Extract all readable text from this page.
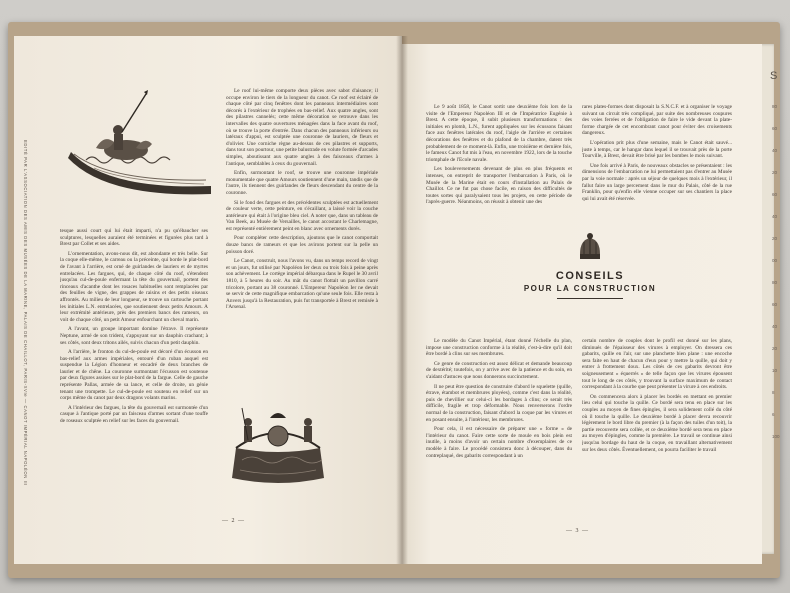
EDITÉ PAR L'ASSOCIATION DES AMIS DES MUSÉES DE LA MARINE, PALAIS DE CHAILLOT, PARIS-XVIe — CANOT IMPÉRIAL NAPOLÉON III	tesque aussi court qui lui était imparti, n'a pu qu'ébaucher ses sculptures, lesquelles auraient été terminées et figurées plus tard à Brest par Collet et ses aides.

L'ornementation, avons-nous dit, est abondante et très belle. Sur la coque elle-même, le carreau ou la préceinte, qui borde le plat-bord de l'avant à l'arrière, est orné de guirlandes de lauriers et de myrtes entrelacées. Les fargues, qui, de chaque côté du roof, s'étendent jusqu'au cul-de-poule enfermant la tête du gouvernail, portent des rinceaux d'acanthe dont les rosaces habituelles sont remplacées par des feuilles de vigne, des grappes de raisins et des petits oiseaux affrontés. Au milieu de leur longueur, se trouve un cartouche portant les initiales L.N. entrelacées, que soutiennent deux petits Amours. A leur extrémité antérieure, près des premiers bancs des rameurs, on voit de chaque côté, un petit Amour enfourchant un cheval marin.

A l'avant, un groupe important domine l'étrave. Il représente Neptune, armé de son trident, s'appuyant sur un dauphin crachant; à ses côtés, sont deux tritons ailés, suivis chacun d'un petit dauphin.

A l'arrière, le fronton du cul-de-poule est décoré d'un écusson en bas-relief aux armes impériales, entouré d'un ruban auquel est suspendue la Légion d'honneur et encadré de deux branches de laurier et de chêne. La couronne surmontant l'écusson est soutenue par deux figures assises sur le plat-bord de la fargue. Celle de gauche représente Pallas, armée de sa lance, et celle de droite, un génie tenant une trompette. Le cul-de-poule est soutenu en relief sur un corps même du canot par deux dragons volants marins.

A l'intérieur des fargues, la tête du gouvernail est surmontée d'un casque à l'antique porté par un faisceau d'armes sortant d'une touffe de roseaux sculptée en relief sur les faces du gouvernail.

Le roof lui-même comporte deux pièces avec sabot d'aisance; il occupe environ le tiers de la longueur du canot. Ce roof est éclairé de chaque côté par cinq fenêtres dont les panneaux intermédiaires sont décorés à l'extérieur de trophées en bas-relief. Aux quatre angles, sont des pilastres cannelés; cette même décoration se retrouve dans les intervalles des quatre ouvertures ménagées dans la face avant du roof, où se trouve la porte d'entrée. Dans chacun des panneaux inférieurs ou latéraux d'appui, est sculptée une couronne de lauriers, de fleurs et d'olivier. Une corniche règne au-dessus de ces pilastres et supports, dans tout son pourtour, une petite balustrade en volute formée d'arcades simples, aboutissant aux quatre angles à des faisceaux d'armes à l'antique, semblables à ceux du gouvernail.

Enfin, surmontant le roof, se trouve une couronne impériale monumentale que quatre Amours soutiennent d'une main, tandis que de l'autre, ils tiennent des guirlandes de fleurs descendant du centre de la couronne.

Si le fond des fargues et des précédentes sculptées est actuellement de couleur verte, cette peinture, en s'écaillant, a laissé voir la couche antérieure qui était à l'origine bleu ciel. A noter que, dans un tableau de Van Beek, au Musée de Versailles, le canot accostant le Charlemagne, est représenté entièrement peint en blanc avec ornements dorés.

Pour compléter cette description, ajoutons que le canot comportait douze bancs de rameurs et que les avirons portent sur la pelle un poisson doré.

Le Canot, construit, nous l'avons vu, dans un temps record de vingt et un jours, fut utilisé par Napoléon Ier deux ou trois fois à peine après son achèvement. Le cortège impérial débarqua dans le Rupel le 30 avril 1810, à 5 heures du soir. Au mât du canot flottait un pavillon carré tricolore, portant au 38 couronné. L'Empereur Napoléon Ier ne devait se servir de cette magnifique embarcation qu'une seule fois. Elle resta à Anvers jusqu'à la Restauration, puis fut transportée à Brest et remisée à l'Arsenal.

— 2 —

Le 9 août 1858, le Canot sortit une deuxième fois lors de la visite de l'Empereur Napoléon III et de l'Impératrice Eugénie à Brest. A cette époque, il subit plusieurs transformations : des initiales en plomb, L.N., furent appliquées sur les écussons faisant face aux fenêtres latérales du roof, l'aigle de l'arrière et certaines décorations des fenêtres et du plafond de la chambre, datent très probablement de ce moment-là. Enfin, une troisième et dernière fois, le fameux Canot fut mis à l'eau, en novembre 1922, lors de la touche triomphale de l'Ecole navale.

Les bouleversements devenant de plus en plus fréquents et intenses, on entreprit de transporter l'embarcation à Paris, où le Musée de la Marine était en cours d'installation au Palais de Chaillot. Ce ne fut pas chose facile, en raison des difficultés de toutes sortes qui paralysaient tous les projets, en cette période de l'après-guerre. Néanmoins, on réussit à obtenir une des

rares plates-formes dont disposait la S.N.C.F. et à organiser le voyage suivant un circuit très compliqué, par suite des nombreuses coupures des voies ferrées et de l'obligation de faire le vide devant la plate-forme chargée de cet encombrant canot pour éviter des croisements dangereux.

L'opération prit plus d'une semaine, mais le Canot était sauvé... juste à temps, car le hangar dans lequel il se trouvait près de la porte Tourville, à Brest, devait être brisé par les bombes le mois suivant.

Une fois arrivé à Paris, de nouveaux obstacles se présentaient : les dimensions de l'embarcation ne lui permettaient pas d'entrer au Musée par la voie normale : après un séjour de quelques mois à l'extérieur, il fallut faire un large percement dans le mur du Palais, côté de la rue Franklin, pour qu'enfin elle vienne occuper sur ses chantiers la place qui lui avait été réservée.

CONSEILS
POUR LA CONSTRUCTION

Le modèle du Canot Impérial, étant donné l'échelle du plan, impose une construction conforme à la réalité, c'est-à-dire qu'il doit être bordé à clins sur ses membrures.

Ce genre de construction est assez délicat et demande beaucoup de dextérité; toutefois, on y arrive avec de la patience et du soin, en s'aidant d'astuces que nous donnerons succinctement.

Il ne peut être question de construire d'abord le squelette (quille, étrave, étambot et membrures ployées), comme c'est dans la réalité, puis de chevillier sur celui-ci les bordages à clins; ce serait très difficile, fragile et trop déformable. Nous renverserons l'ordre normal de la construction, faisant d'abord la coque par les virures et en posant ensuite, à l'intérieur, les membrures.

Pour cela, il est nécessaire de préparer une « forme » de l'intérieur du canot. Faire cette sorte de moule en bois plein est inutile, à moins d'avoir un certain nombre d'exemplaires de ce modèle à faire. Le procédé consistera donc à découper, dans du contreplaqué, des gabarits correspondant à un

certain nombre de couples dont le profil est donné sur les plans, diminués de l'épaisseur des virures à employer. On dressera ces gabarits, quille en l'air, sur une planchette bien plane : une encoche sera faite en haut de chacun d'eux pour y mettre la quille, qui doit y entrer à frottement doux. Les côtés de ces gabarits devront être soigneusement « équerrés » de telle façon que les virures épousent tout le long de ces côtés, y trouvant la surface maximum de contact correspondant à la courbe que peut présenter la virure à ces endroits.

On commencera alors à placer les bordés en mettant en premier lieu celui qui touche la quille. Ce bordé sera tenu en place sur les couples au moyen de fines épingles, il sera solidement collé du côté où il touche la quille. Le deuxième bordé à placer devra recouvrir légèrement le bord libre du premier (à la façon des tuiles d'un toit), la partie recouverte sera collée, et ce deuxième bordé sera tenu en place au moyen d'épingles, comme la première. Le travail se continue ainsi jusqu'au bordage du haut de la coque, en travaillant alternativement sur les deux côtés. Éventuellement, on pourra faciliter le travail

— 3 —
S
80
60
40
20
60
40
20
00
80
60
40
20
10
8
6
100
